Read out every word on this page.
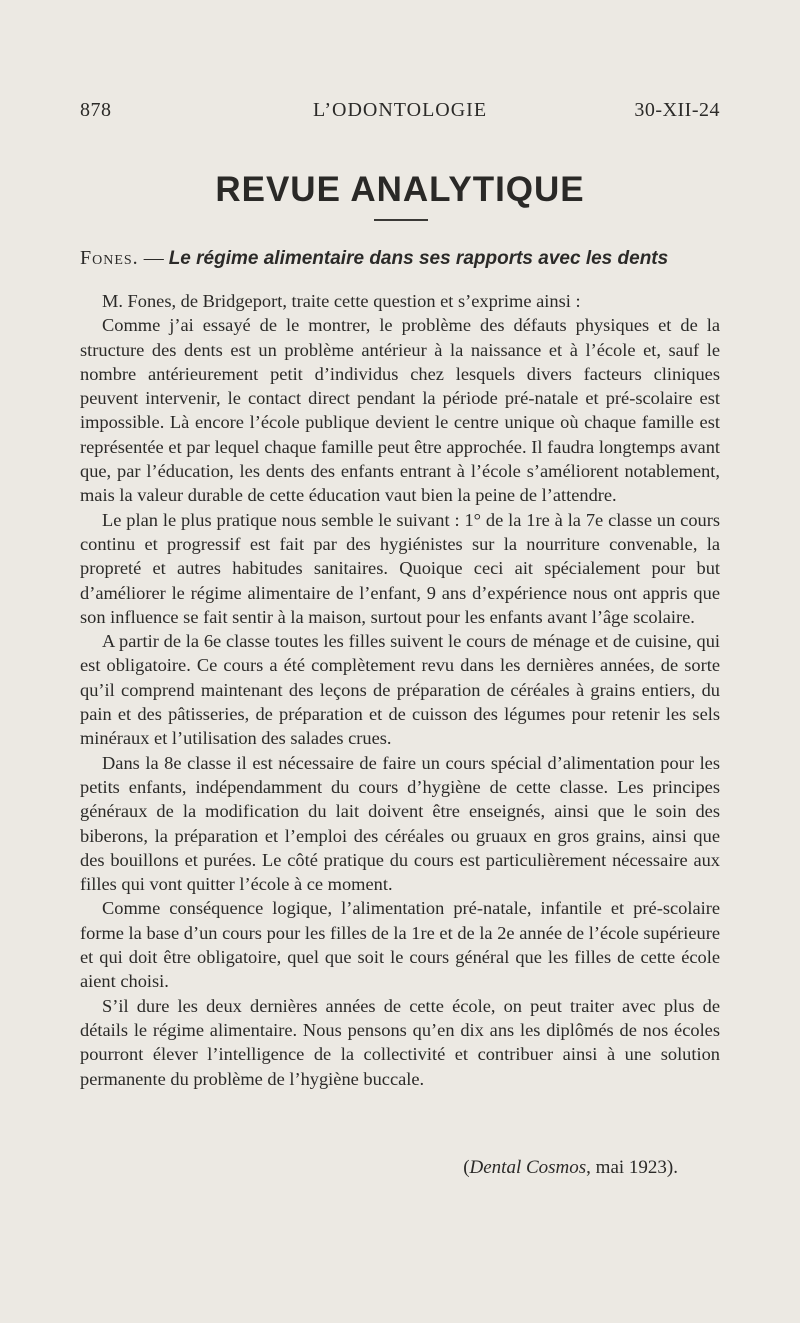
878	L’ODONTOLOGIE	30-XII-24
REVUE ANALYTIQUE
Fones. — Le régime alimentaire dans ses rapports avec les dents

M. Fones, de Bridgeport, traite cette question et s’exprime ainsi :

Comme j’ai essayé de le montrer, le problème des défauts physiques et de la structure des dents est un problème antérieur à la naissance et à l’école et, sauf le nombre antérieurement petit d’individus chez lesquels divers facteurs cliniques peuvent intervenir, le contact direct pendant la période pré-natale et pré-scolaire est impossible. Là encore l’école publique devient le centre unique où chaque famille est représentée et par lequel chaque famille peut être approchée. Il faudra longtemps avant que, par l’éducation, les dents des enfants entrant à l’école s’améliorent notablement, mais la valeur durable de cette éducation vaut bien la peine de l’attendre.

Le plan le plus pratique nous semble le suivant : 1° de la 1re à la 7e classe un cours continu et progressif est fait par des hygiénistes sur la nourriture convenable, la propreté et autres habitudes sanitaires. Quoique ceci ait spécialement pour but d’améliorer le régime alimentaire de l’enfant, 9 ans d’expérience nous ont appris que son influence se fait sentir à la maison, surtout pour les enfants avant l’âge scolaire.

A partir de la 6e classe toutes les filles suivent le cours de ménage et de cuisine, qui est obligatoire. Ce cours a été complètement revu dans les dernières années, de sorte qu’il comprend maintenant des leçons de préparation de céréales à grains entiers, du pain et des pâtisseries, de préparation et de cuisson des légumes pour retenir les sels minéraux et l’utilisation des salades crues.

Dans la 8e classe il est nécessaire de faire un cours spécial d’alimentation pour les petits enfants, indépendamment du cours d’hygiène de cette classe. Les principes généraux de la modification du lait doivent être enseignés, ainsi que le soin des biberons, la préparation et l’emploi des céréales ou gruaux en gros grains, ainsi que des bouillons et purées. Le côté pratique du cours est particulièrement nécessaire aux filles qui vont quitter l’école à ce moment.

Comme conséquence logique, l’alimentation pré-natale, infantile et pré-scolaire forme la base d’un cours pour les filles de la 1re et de la 2e année de l’école supérieure et qui doit être obligatoire, quel que soit le cours général que les filles de cette école aient choisi.

S’il dure les deux dernières années de cette école, on peut traiter avec plus de détails le régime alimentaire. Nous pensons qu’en dix ans les diplômés de nos écoles pourront élever l’intelligence de la collectivité et contribuer ainsi à une solution permanente du problème de l’hygiène buccale.

(Dental Cosmos, mai 1923).
